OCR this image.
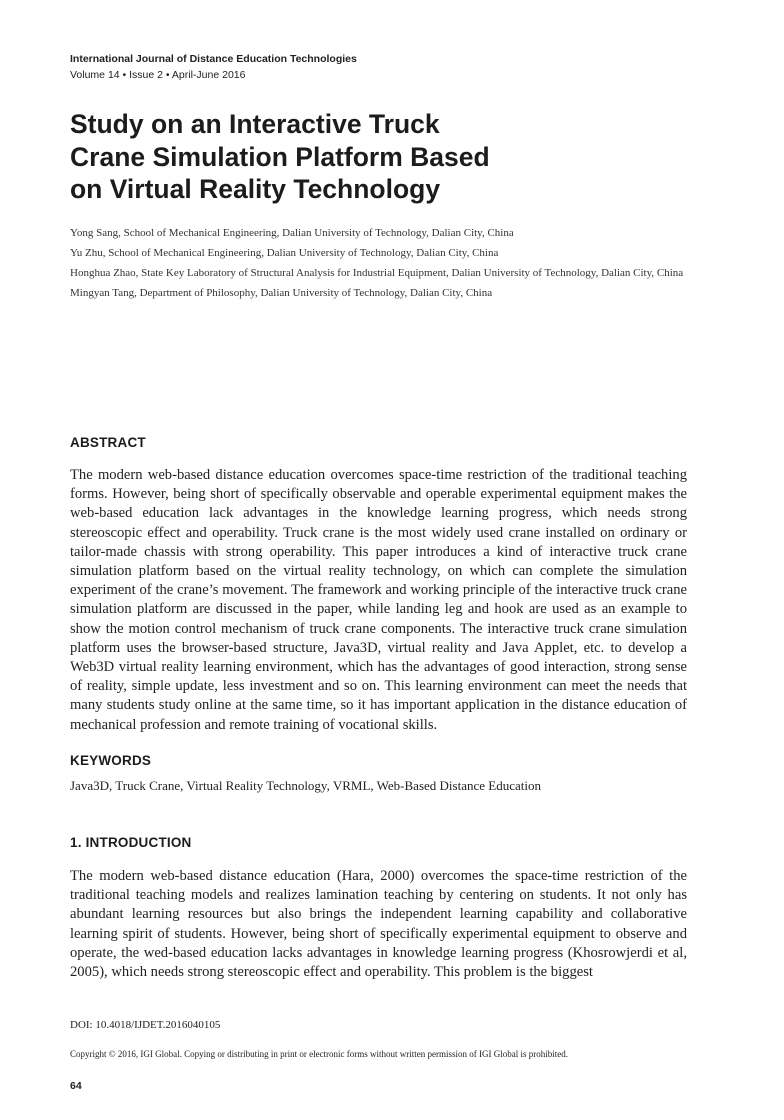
International Journal of Distance Education Technologies
Volume 14 • Issue 2 • April-June 2016
Study on an Interactive Truck
Crane Simulation Platform Based
on Virtual Reality Technology
Yong Sang, School of Mechanical Engineering, Dalian University of Technology, Dalian City, China
Yu Zhu, School of Mechanical Engineering, Dalian University of Technology, Dalian City, China
Honghua Zhao, State Key Laboratory of Structural Analysis for Industrial Equipment, Dalian University of Technology, Dalian City, China
Mingyan Tang, Department of Philosophy, Dalian University of Technology, Dalian City, China
ABSTRACT
The modern web-based distance education overcomes space-time restriction of the traditional teaching forms. However, being short of specifically observable and operable experimental equipment makes the web-based education lack advantages in the knowledge learning progress, which needs strong stereoscopic effect and operability. Truck crane is the most widely used crane installed on ordinary or tailor-made chassis with strong operability. This paper introduces a kind of interactive truck crane simulation platform based on the virtual reality technology, on which can complete the simulation experiment of the crane’s movement. The framework and working principle of the interactive truck crane simulation platform are discussed in the paper, while landing leg and hook are used as an example to show the motion control mechanism of truck crane components. The interactive truck crane simulation platform uses the browser-based structure, Java3D, virtual reality and Java Applet, etc. to develop a Web3D virtual reality learning environment, which has the advantages of good interaction, strong sense of reality, simple update, less investment and so on. This learning environment can meet the needs that many students study online at the same time, so it has important application in the distance education of mechanical profession and remote training of vocational skills.
KEYWORDS
Java3D, Truck Crane, Virtual Reality Technology, VRML, Web-Based Distance Education
1. INTRODUCTION
The modern web-based distance education (Hara, 2000) overcomes the space-time restriction of the traditional teaching models and realizes lamination teaching by centering on students. It not only has abundant learning resources but also brings the independent learning capability and collaborative learning spirit of students. However, being short of specifically experimental equipment to observe and operate, the wed-based education lacks advantages in knowledge learning progress (Khosrowjerdi et al, 2005), which needs strong stereoscopic effect and operability. This problem is the biggest
DOI: 10.4018/IJDET.2016040105
Copyright © 2016, IGI Global. Copying or distributing in print or electronic forms without written permission of IGI Global is prohibited.
64
